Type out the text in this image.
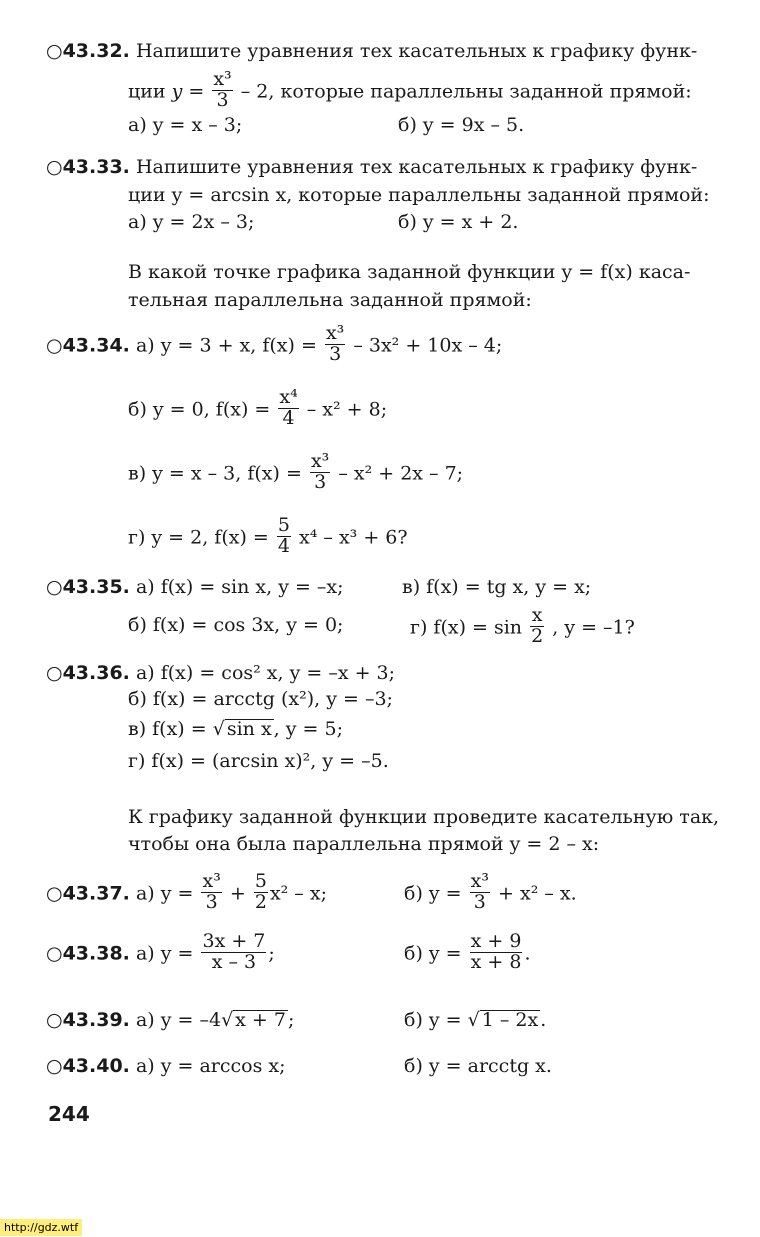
○43.32. Напишите уравнения тех касательных к графику функ-
ции $y = \frac{\text{x³}}{3} - 2$, которые параллельны заданной прямой:
а) y = x – 3;	б) y = 9x – 5.
○43.33. Напишите уравнения тех касательных к графику функ-
ции y = arcsin x, которые параллельны заданной прямой:
а) y = 2x – 3;	б) y = x + 2.
В какой точке графика заданной функции y = f(x) каса-
тельная параллельна заданной прямой:
○43.34. а) y = 3 + x, $f(x) = \frac{\text{x³}}{3} - 3x^2 + 10x - 4$;
б) y = 0, $f(x) = \frac{\text{x⁴}}{4} - x^2 + 8$;
в) y = x – 3, $f(x) = \frac{\text{x³}}{3} - x^2 + 2x - 7$;
г) y = 2, $f(x) = \frac{5}{4} x^4 - x^3 + 6$?
○43.35. а) f(x) = sin x, y = –x;	в) f(x) = tg x, y = x;
б) f(x) = cos 3x, y = 0;	г) $f(x) = \sin \frac{x}{2}$ , y = –1?
○43.36. а) f(x) = cos² x, y = –x + 3;
б) f(x) = arcctg (x²), y = –3;
в) f(x) = √ sin x , y = 5;
г) f(x) = (arcsin x)², y = –5.
К графику заданной функции проведите касательную так,
чтобы она была параллельна прямой y = 2 – x:
○43.37. а) $y = \frac{\text{x³}}{3} + \frac{5}{2} x^2 - x$;	б) $y = \frac{\text{x³}}{3} + x^2 - x$.
○43.38. а) $y = \frac{3x + 7}{x - 3}$ ;	б) $y = \frac{x + 9}{x + 8}$ .
○43.39. а) y = –4√ x + 7 ;	б) y = √ 1 – 2x .
○43.40. а) y = arccos x;	б) y = arcctg x.
244
http://gdz.wtf
